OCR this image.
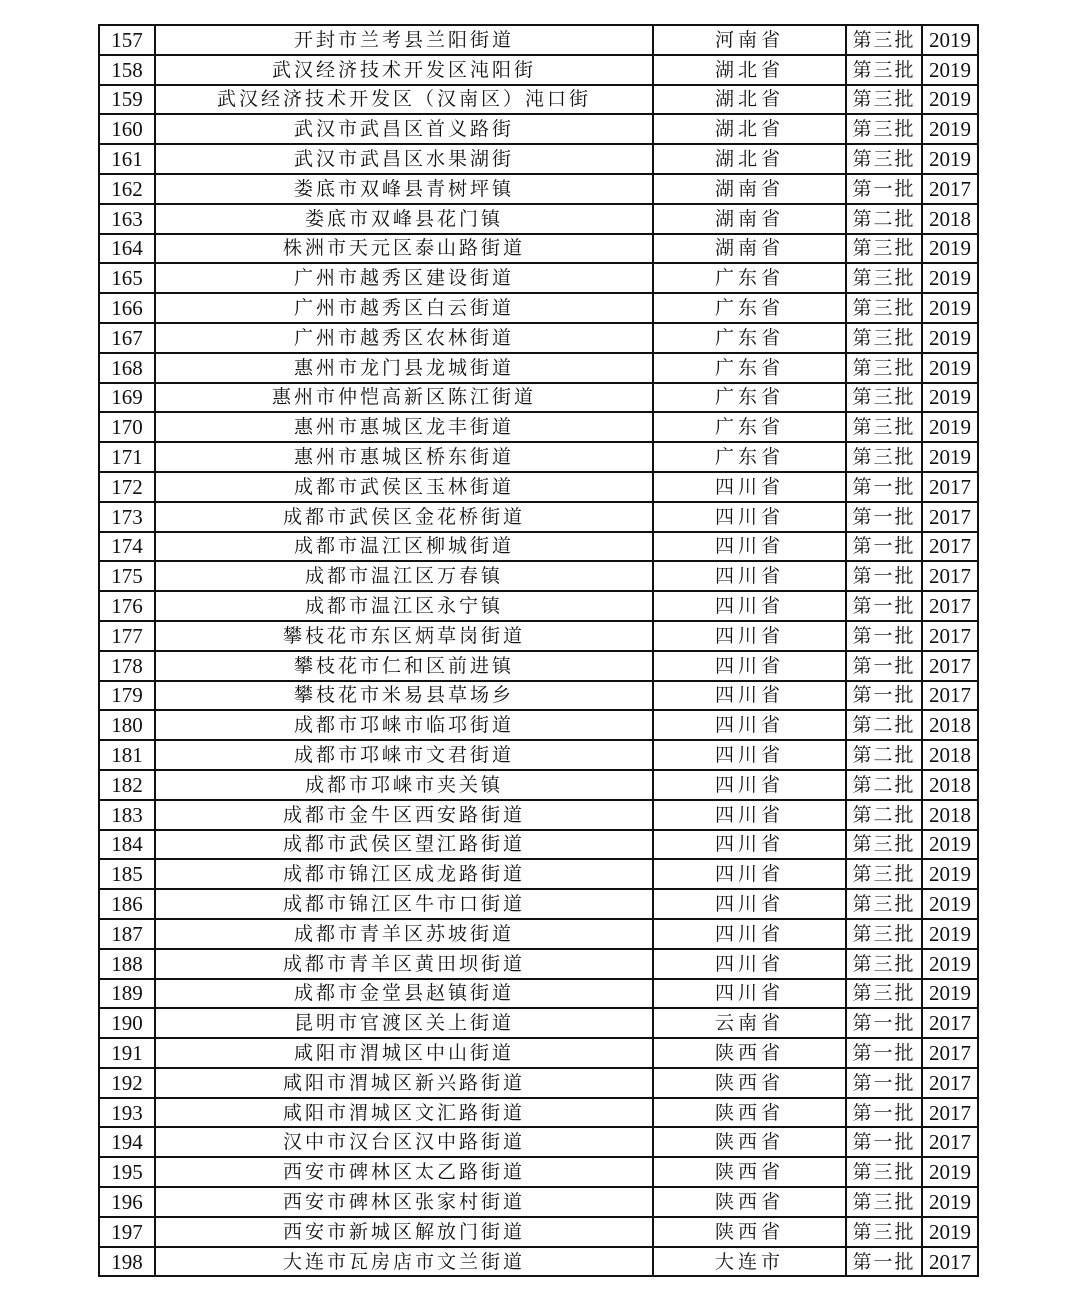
157	开封市兰考县兰阳街道	河南省	第三批	2019
158	武汉经济技术开发区沌阳街	湖北省	第三批	2019
159	武汉经济技术开发区（汉南区）沌口街	湖北省	第三批	2019
160	武汉市武昌区首义路街	湖北省	第三批	2019
161	武汉市武昌区水果湖街	湖北省	第三批	2019
162	娄底市双峰县青树坪镇	湖南省	第一批	2017
163	娄底市双峰县花门镇	湖南省	第二批	2018
164	株洲市天元区泰山路街道	湖南省	第三批	2019
165	广州市越秀区建设街道	广东省	第三批	2019
166	广州市越秀区白云街道	广东省	第三批	2019
167	广州市越秀区农林街道	广东省	第三批	2019
168	惠州市龙门县龙城街道	广东省	第三批	2019
169	惠州市仲恺高新区陈江街道	广东省	第三批	2019
170	惠州市惠城区龙丰街道	广东省	第三批	2019
171	惠州市惠城区桥东街道	广东省	第三批	2019
172	成都市武侯区玉林街道	四川省	第一批	2017
173	成都市武侯区金花桥街道	四川省	第一批	2017
174	成都市温江区柳城街道	四川省	第一批	2017
175	成都市温江区万春镇	四川省	第一批	2017
176	成都市温江区永宁镇	四川省	第一批	2017
177	攀枝花市东区炳草岗街道	四川省	第一批	2017
178	攀枝花市仁和区前进镇	四川省	第一批	2017
179	攀枝花市米易县草场乡	四川省	第一批	2017
180	成都市邛崃市临邛街道	四川省	第二批	2018
181	成都市邛崃市文君街道	四川省	第二批	2018
182	成都市邛崃市夹关镇	四川省	第二批	2018
183	成都市金牛区西安路街道	四川省	第二批	2018
184	成都市武侯区望江路街道	四川省	第三批	2019
185	成都市锦江区成龙路街道	四川省	第三批	2019
186	成都市锦江区牛市口街道	四川省	第三批	2019
187	成都市青羊区苏坡街道	四川省	第三批	2019
188	成都市青羊区黄田坝街道	四川省	第三批	2019
189	成都市金堂县赵镇街道	四川省	第三批	2019
190	昆明市官渡区关上街道	云南省	第一批	2017
191	咸阳市渭城区中山街道	陕西省	第一批	2017
192	咸阳市渭城区新兴路街道	陕西省	第一批	2017
193	咸阳市渭城区文汇路街道	陕西省	第一批	2017
194	汉中市汉台区汉中路街道	陕西省	第一批	2017
195	西安市碑林区太乙路街道	陕西省	第三批	2019
196	西安市碑林区张家村街道	陕西省	第三批	2019
197	西安市新城区解放门街道	陕西省	第三批	2019
198	大连市瓦房店市文兰街道	大连市	第一批	2017
